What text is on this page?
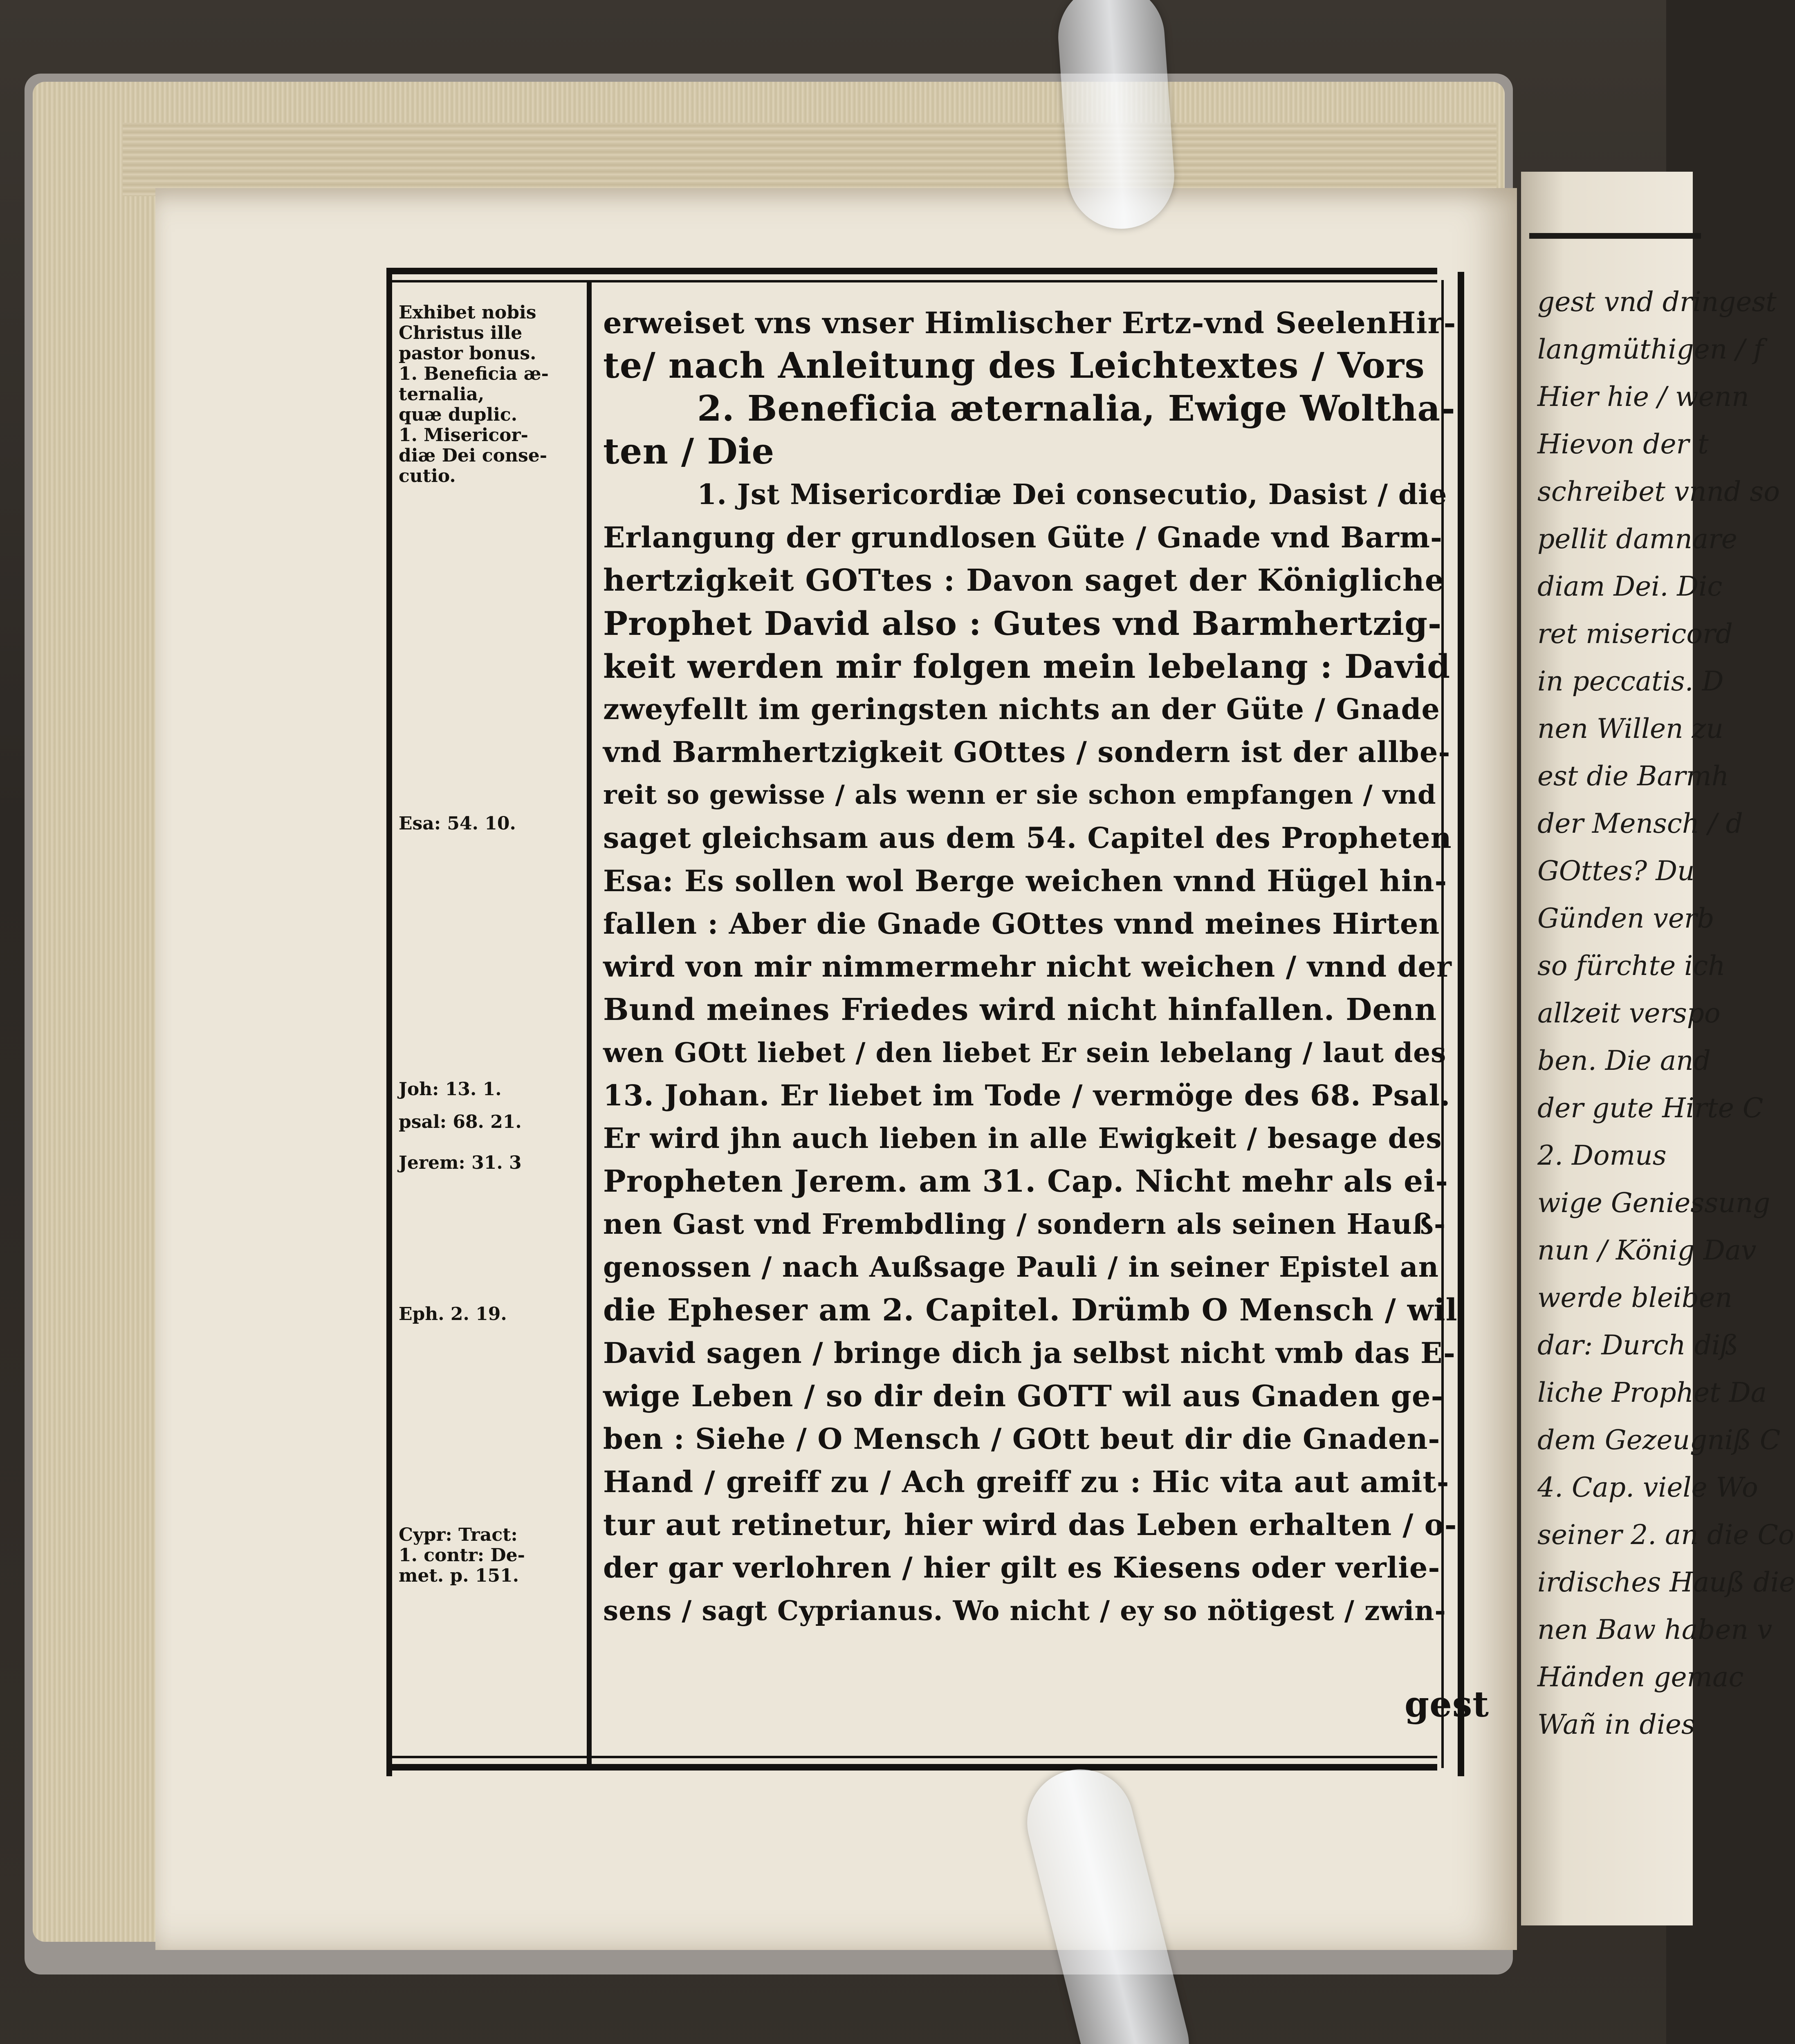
gest vnd dringest
langmüthigen / f
Hier hie / wenn
Hievon der t
schreibet vnnd so
pellit damnare
diam Dei. Dic
ret misericord
in peccatis. D
nen Willen zu
est die Barmh
der Mensch / d
GOttes? Du
Günden verb
so fürchte ich
allzeit verspo
ben. Die and
der gute Hirte C
2. Domus
wige Geniessung
nun / König Dav
werde bleiben
dar: Durch diß
liche Prophet Da
dem Gezeugniß C
4. Cap. viele Wo
seiner 2. an die Co
irdisches Hauß die
nen Baw haben v
Händen gemac
Wañ in dies
Exhibet nobis
Christus ille
pastor bonus.
1. Beneficia æ-
ternalia,
quæ duplic.
1. Misericor-
diæ Dei conse-
cutio.
Esa: 54. 10.
Joh: 13. 1.
psal: 68. 21.
Jerem: 31. 3
Eph. 2. 19.
Cypr: Tract:
1. contr: De-
met. p. 151.
gest
erweiset vns vnser Himlischer Ertz-vnd SeelenHir-
te/ nach Anleitung des Leichtextes / Vors
2. Beneficia æternalia, Ewige Woltha-
ten / Die
1. Jst Misericordiæ Dei consecutio, Dasist / die
Erlangung der grundlosen Güte / Gnade vnd Barm-
hertzigkeit GOTtes : Davon saget der Königliche
Prophet David also : Gutes vnd Barmhertzig-
keit werden mir folgen mein lebelang : David
zweyfellt im geringsten nichts an der Güte / Gnade
vnd Barmhertzigkeit GOttes / sondern ist der allbe-
reit so gewisse / als wenn er sie schon empfangen / vnd
saget gleichsam aus dem 54. Capitel des Propheten
Esa: Es sollen wol Berge weichen vnnd Hügel hin-
fallen : Aber die Gnade GOttes vnnd meines Hirten
wird von mir nimmermehr nicht weichen / vnnd der
Bund meines Friedes wird nicht hinfallen. Denn
wen GOtt liebet / den liebet Er sein lebelang / laut des
13. Johan. Er liebet im Tode / vermöge des 68. Psal.
Er wird jhn auch lieben in alle Ewigkeit / besage des
Propheten Jerem. am 31. Cap. Nicht mehr als ei-
nen Gast vnd Frembdling / sondern als seinen Hauß-
genossen / nach Außsage Pauli / in seiner Epistel an
die Epheser am 2. Capitel. Drümb O Mensch / wil
David sagen / bringe dich ja selbst nicht vmb das E-
wige Leben / so dir dein GOTT wil aus Gnaden ge-
ben : Siehe / O Mensch / GOtt beut dir die Gnaden-
Hand / greiff zu / Ach greiff zu : Hic vita aut amit-
tur aut retinetur, hier wird das Leben erhalten / o-
der gar verlohren / hier gilt es Kiesens oder verlie-
sens / sagt Cyprianus. Wo nicht / ey so nötigest / zwin-
